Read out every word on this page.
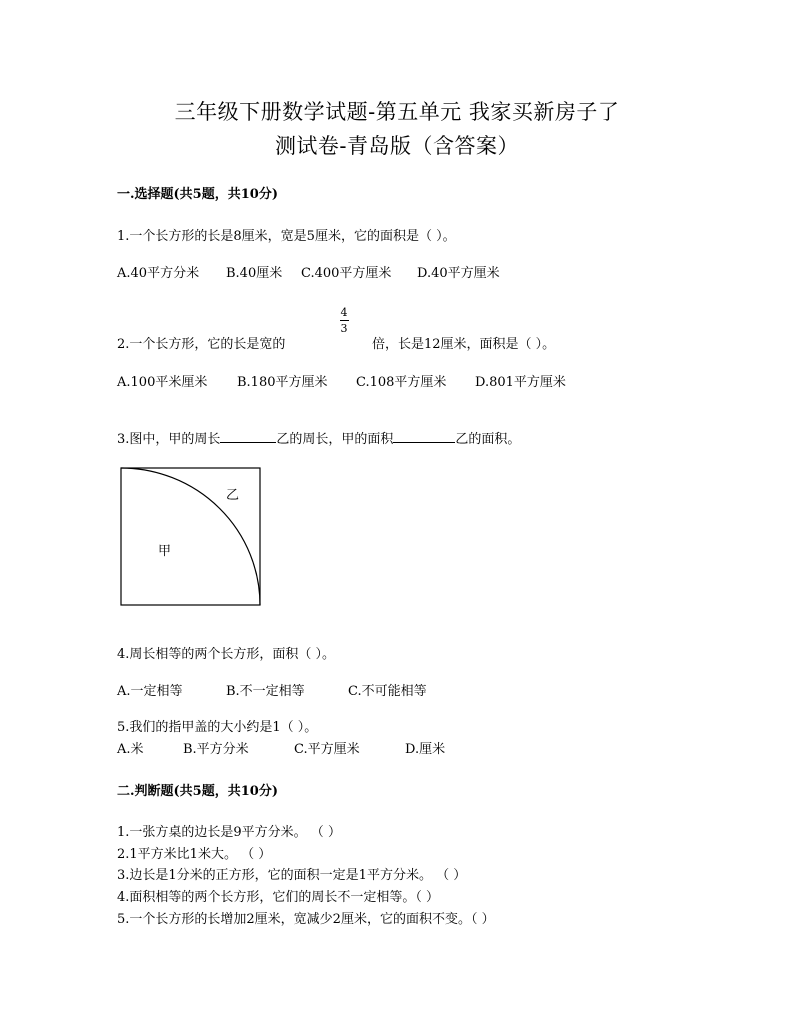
三年级下册数学试题-第五单元 我家买新房子了
测试卷-青岛版（含答案）
一.选择题(共5题，共10分)
1.一个长方形的长是8厘米，宽是5厘米，它的面积是（ ）。
A.40平方分米 B.40厘米 C.400平方厘米 D.40平方厘米
2.一个长方形，它的长是宽的
4
3
倍，长是12厘米，面积是（ ）。
A.100平米厘米 B.180平方厘米 C.108平方厘米 D.801平方厘米
3.图中，甲的周长	乙的周长，甲的面积	乙的面积。
乙
甲
4.周长相等的两个长方形，面积（ ）。
A.一定相等	B.不一定相等	C.不可能相等
5.我们的指甲盖的大小约是1（ ）。
A.米	B.平方分米	C.平方厘米	D.厘米
二.判断题(共5题，共10分)
1.一张方桌的边长是9平方分米。 （ ）
2.1平方米比1米大。 （ ）
3.边长是1分米的正方形，它的面积一定是1平方分米。 （ ）
4.面积相等的两个长方形，它们的周长不一定相等。（ ）
5.一个长方形的长增加2厘米，宽减少2厘米，它的面积不变。（ ）
